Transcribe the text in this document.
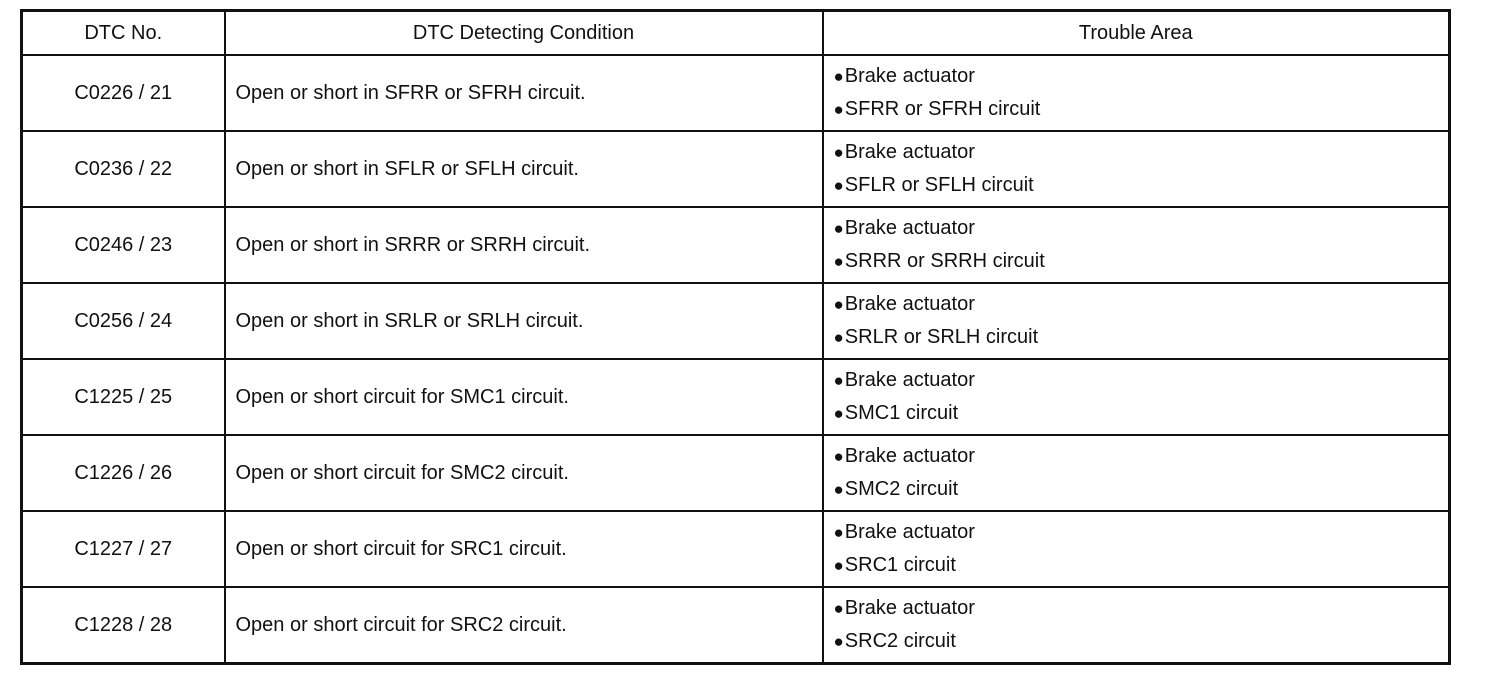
DTC No.	DTC Detecting Condition	Trouble Area
C0226 / 21	Open or short in SFRR or SFRH circuit.	●Brake actuator
●SFRR or SFRH circuit

C0236 / 22	Open or short in SFLR or SFLH circuit.	●Brake actuator
●SFLR or SFLH circuit

C0246 / 23	Open or short in SRRR or SRRH circuit.	●Brake actuator
●SRRR or SRRH circuit

C0256 / 24	Open or short in SRLR or SRLH circuit.	●Brake actuator
●SRLR or SRLH circuit

C1225 / 25	Open or short circuit for SMC1 circuit.	●Brake actuator
●SMC1 circuit

C1226 / 26	Open or short circuit for SMC2 circuit.	●Brake actuator
●SMC2 circuit

C1227 / 27	Open or short circuit for SRC1 circuit.	●Brake actuator
●SRC1 circuit

C1228 / 28	Open or short circuit for SRC2 circuit.	●Brake actuator
●SRC2 circuit
